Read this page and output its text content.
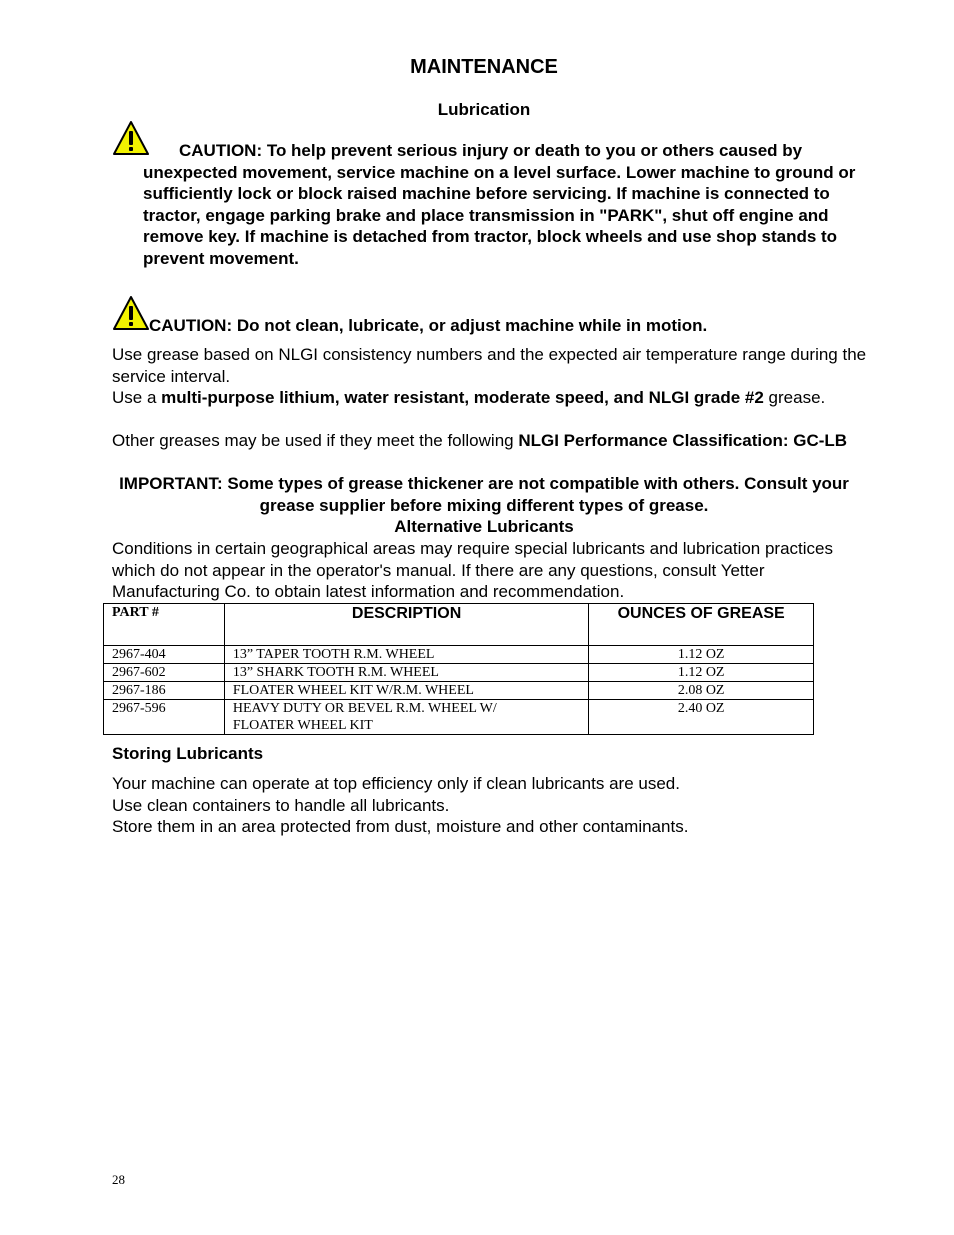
MAINTENANCE
Lubrication
CAUTION: To help prevent serious injury or death to you or others caused by unexpected movement, service machine on a level surface. Lower machine to ground or sufficiently lock or block raised machine before servicing. If machine is connected to tractor, engage parking brake and place transmission in "PARK", shut off engine and remove key. If machine is detached from tractor, block wheels and use shop stands to prevent movement.
CAUTION: Do not clean, lubricate, or adjust machine while in motion.
Use grease based on NLGI consistency numbers and the expected air temperature range during the service interval.
Use a multi-purpose lithium, water resistant, moderate speed, and NLGI grade #2 grease.
Other greases may be used if they meet the following NLGI Performance Classification: GC-LB
IMPORTANT: Some types of grease thickener are not compatible with others. Consult your grease supplier before mixing different types of grease.
Alternative Lubricants
Conditions in certain geographical areas may require special lubricants and lubrication practices which do not appear in the operator's manual. If there are any questions, consult Yetter Manufacturing Co. to obtain latest information and recommendation.
PART #	DESCRIPTION	OUNCES OF GREASE
2967-404	13” TAPER TOOTH R.M. WHEEL	1.12 OZ
2967-602	13” SHARK TOOTH R.M. WHEEL	1.12 OZ
2967-186	FLOATER WHEEL KIT W/R.M. WHEEL	2.08 OZ
2967-596	HEAVY DUTY OR BEVEL R.M. WHEEL W/ FLOATER WHEEL KIT	2.40 OZ
Storing Lubricants
Your machine can operate at top efficiency only if clean lubricants are used.
Use clean containers to handle all lubricants.
Store them in an area protected from dust, moisture and other contaminants.
28
